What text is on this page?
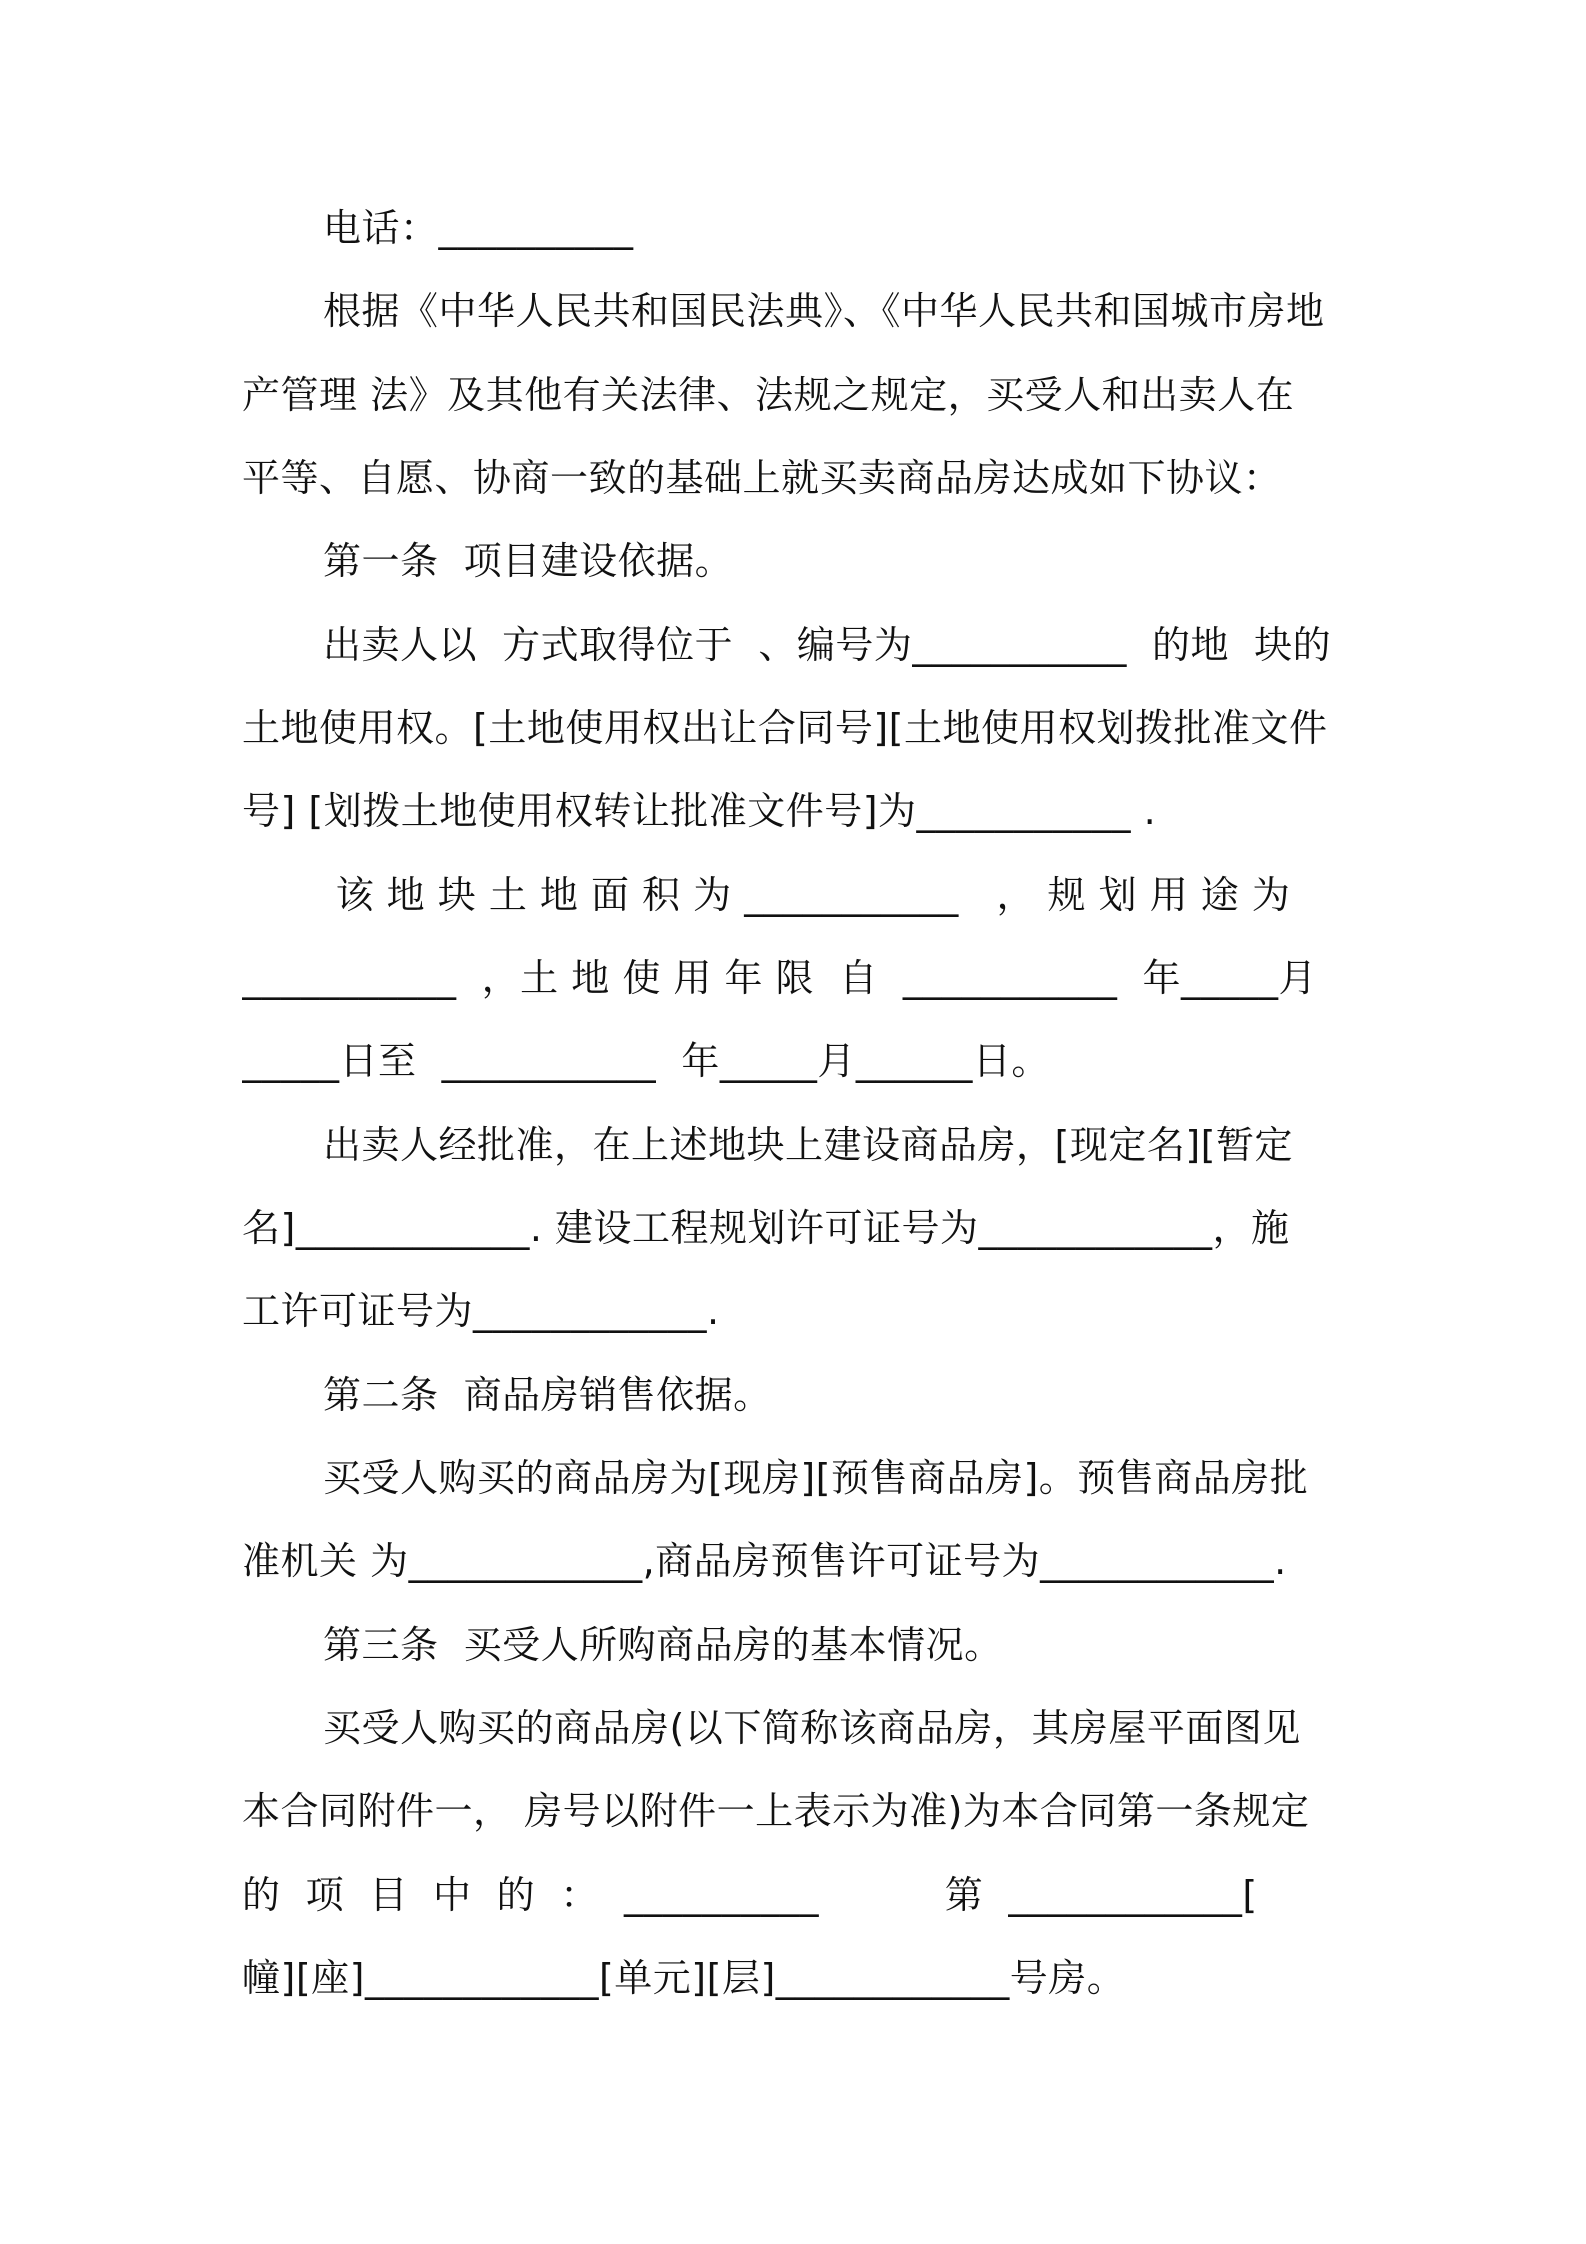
电话：__________
根据《中华人民共和国民法典》、《中华人民共和国城市房地
产管理 法》及其他有关法律、法规之规定，买受人和出卖人在
平等、自愿、协商一致的基础上就买卖商品房达成如下协议：
第一条  项目建设依据。
出卖人以  方式取得位于  、编号为___________  的地  块的
土地使用权。[土地使用权出让合同号][土地使用权划拨批准文件
号] [划拨土地使用权转让批准文件号]为___________ .
该 地 块 土 地 面 积 为 ___________   ， 规 划 用 途 为
___________  ，土 地 使 用 年 限  自  ___________  年_____月
_____日至  ___________  年_____月______日。
出卖人经批准，在上述地块上建设商品房，[现定名][暂定
名]____________. 建设工程规划许可证号为____________，施
工许可证号为____________.
第二条  商品房销售依据。
买受人购买的商品房为[现房][预售商品房]。预售商品房批
准机关 为____________,商品房预售许可证号为____________.
第三条  买受人所购商品房的基本情况。
买受人购买的商品房(以下简称该商品房，其房屋平面图见
本合同附件一， 房号以附件一上表示为准)为本合同第一条规定
的  项  目  中  的  ：  __________          第  ____________[
幢][座]____________[单元][层]____________号房。
